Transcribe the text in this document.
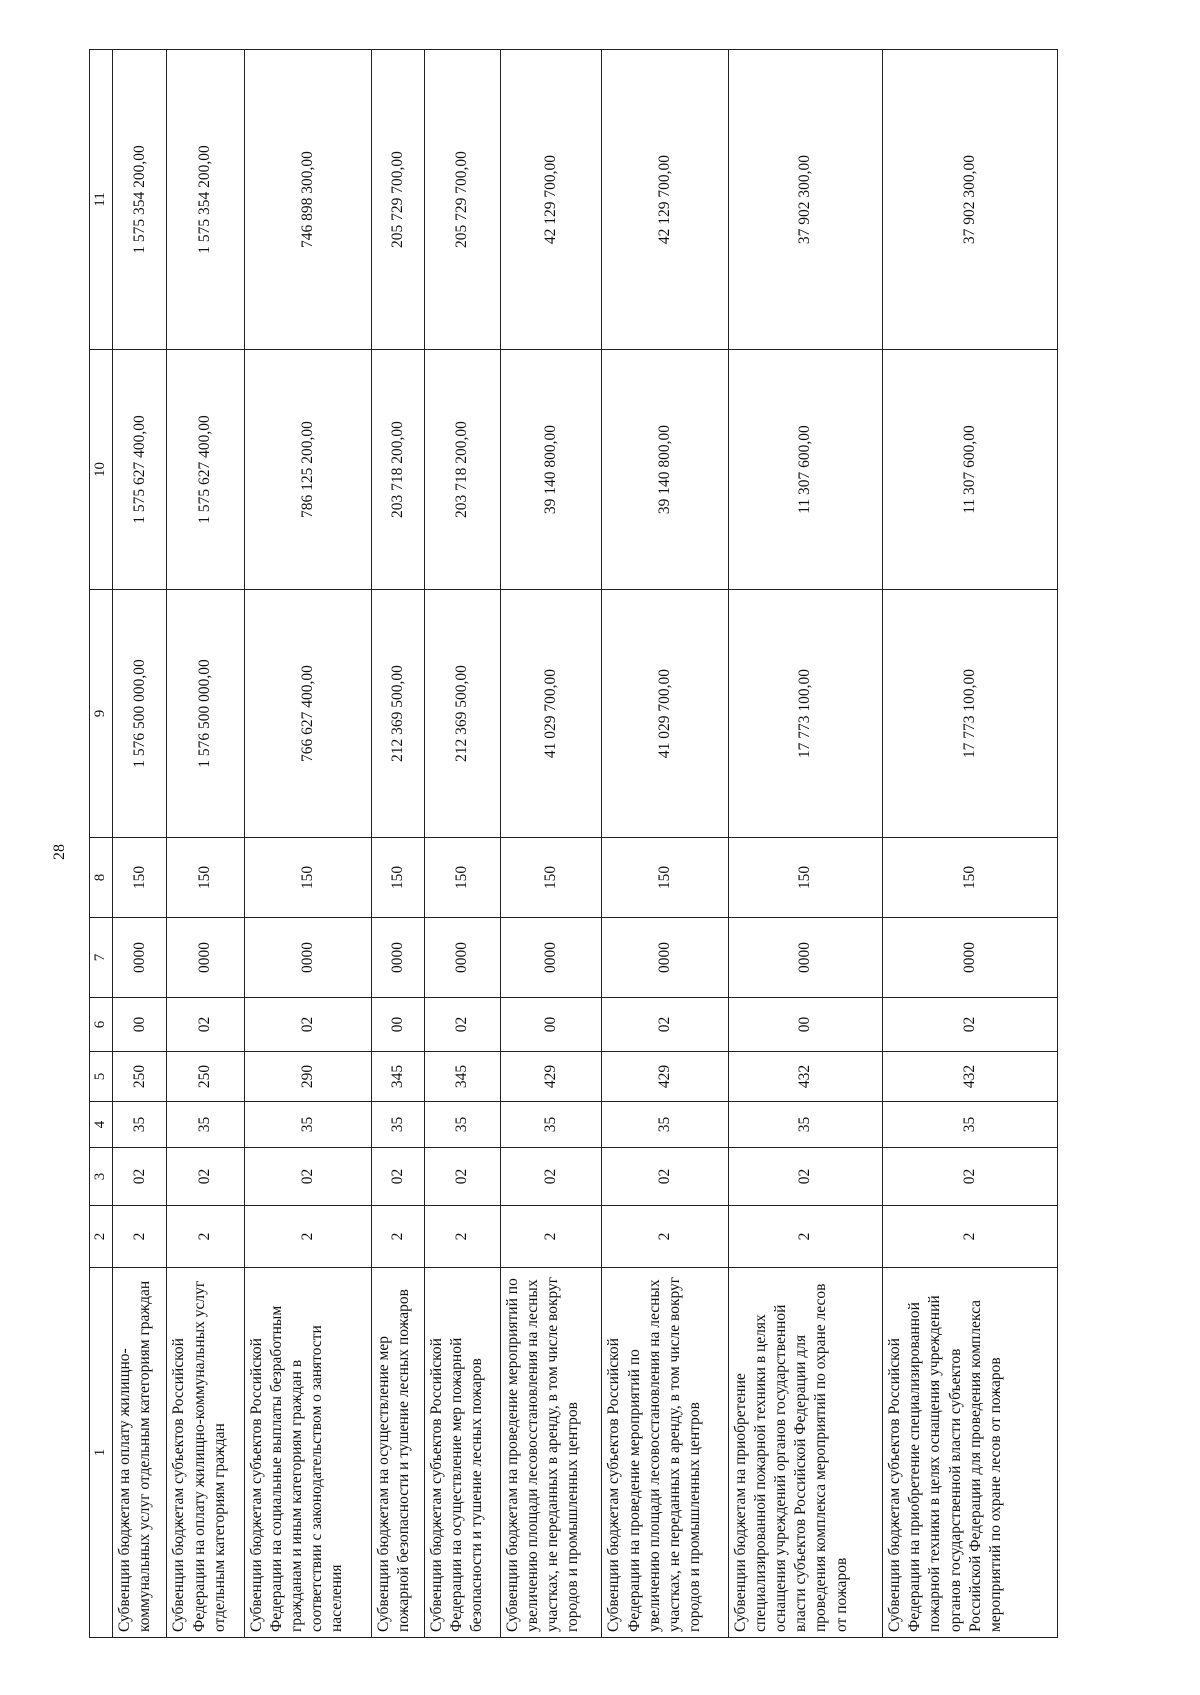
28
1	2	3	4	5	6	7	8	9	10	11
Субвенции бюджетам на оплату жилищно-коммунальных услуг отдельным категориям граждан	2	02	35	250	00	0000	150	1 576 500 000,00	1 575 627 400,00	1 575 354 200,00
Субвенции бюджетам субъектов Российской Федерации на оплату жилищно-коммунальных услуг отдельным категориям граждан	2	02	35	250	02	0000	150	1 576 500 000,00	1 575 627 400,00	1 575 354 200,00
Субвенции бюджетам субъектов Российской Федерации на социальные выплаты безработным гражданам и иным категориям граждан в соответствии с законодательством о занятости населения	2	02	35	290	02	0000	150	766 627 400,00	786 125 200,00	746 898 300,00
Субвенции бюджетам на осуществление мер пожарной безопасности и тушение лесных пожаров	2	02	35	345	00	0000	150	212 369 500,00	203 718 200,00	205 729 700,00
Субвенции бюджетам субъектов Российской Федерации на осуществление мер пожарной безопасности и тушение лесных пожаров	2	02	35	345	02	0000	150	212 369 500,00	203 718 200,00	205 729 700,00
Субвенции бюджетам на проведение мероприятий по увеличению площади лесовосстановления на лесных участках, не переданных в аренду, в том числе вокруг городов и промышленных центров	2	02	35	429	00	0000	150	41 029 700,00	39 140 800,00	42 129 700,00
Субвенции бюджетам субъектов Российской Федерации на проведение мероприятий по увеличению площади лесовосстановления на лесных участках, не переданных в аренду, в том числе вокруг городов и промышленных центров	2	02	35	429	02	0000	150	41 029 700,00	39 140 800,00	42 129 700,00
Субвенции бюджетам на приобретение специализированной пожарной техники в целях оснащения учреждений органов государственной власти субъектов Российской Федерации для проведения комплекса мероприятий по охране лесов от пожаров	2	02	35	432	00	0000	150	17 773 100,00	11 307 600,00	37 902 300,00
Субвенции бюджетам субъектов Российской Федерации на приобретение специализированной пожарной техники в целях оснащения учреждений органов государственной власти субъектов Российской Федерации для проведения комплекса мероприятий по охране лесов от пожаров	2	02	35	432	02	0000	150	17 773 100,00	11 307 600,00	37 902 300,00
